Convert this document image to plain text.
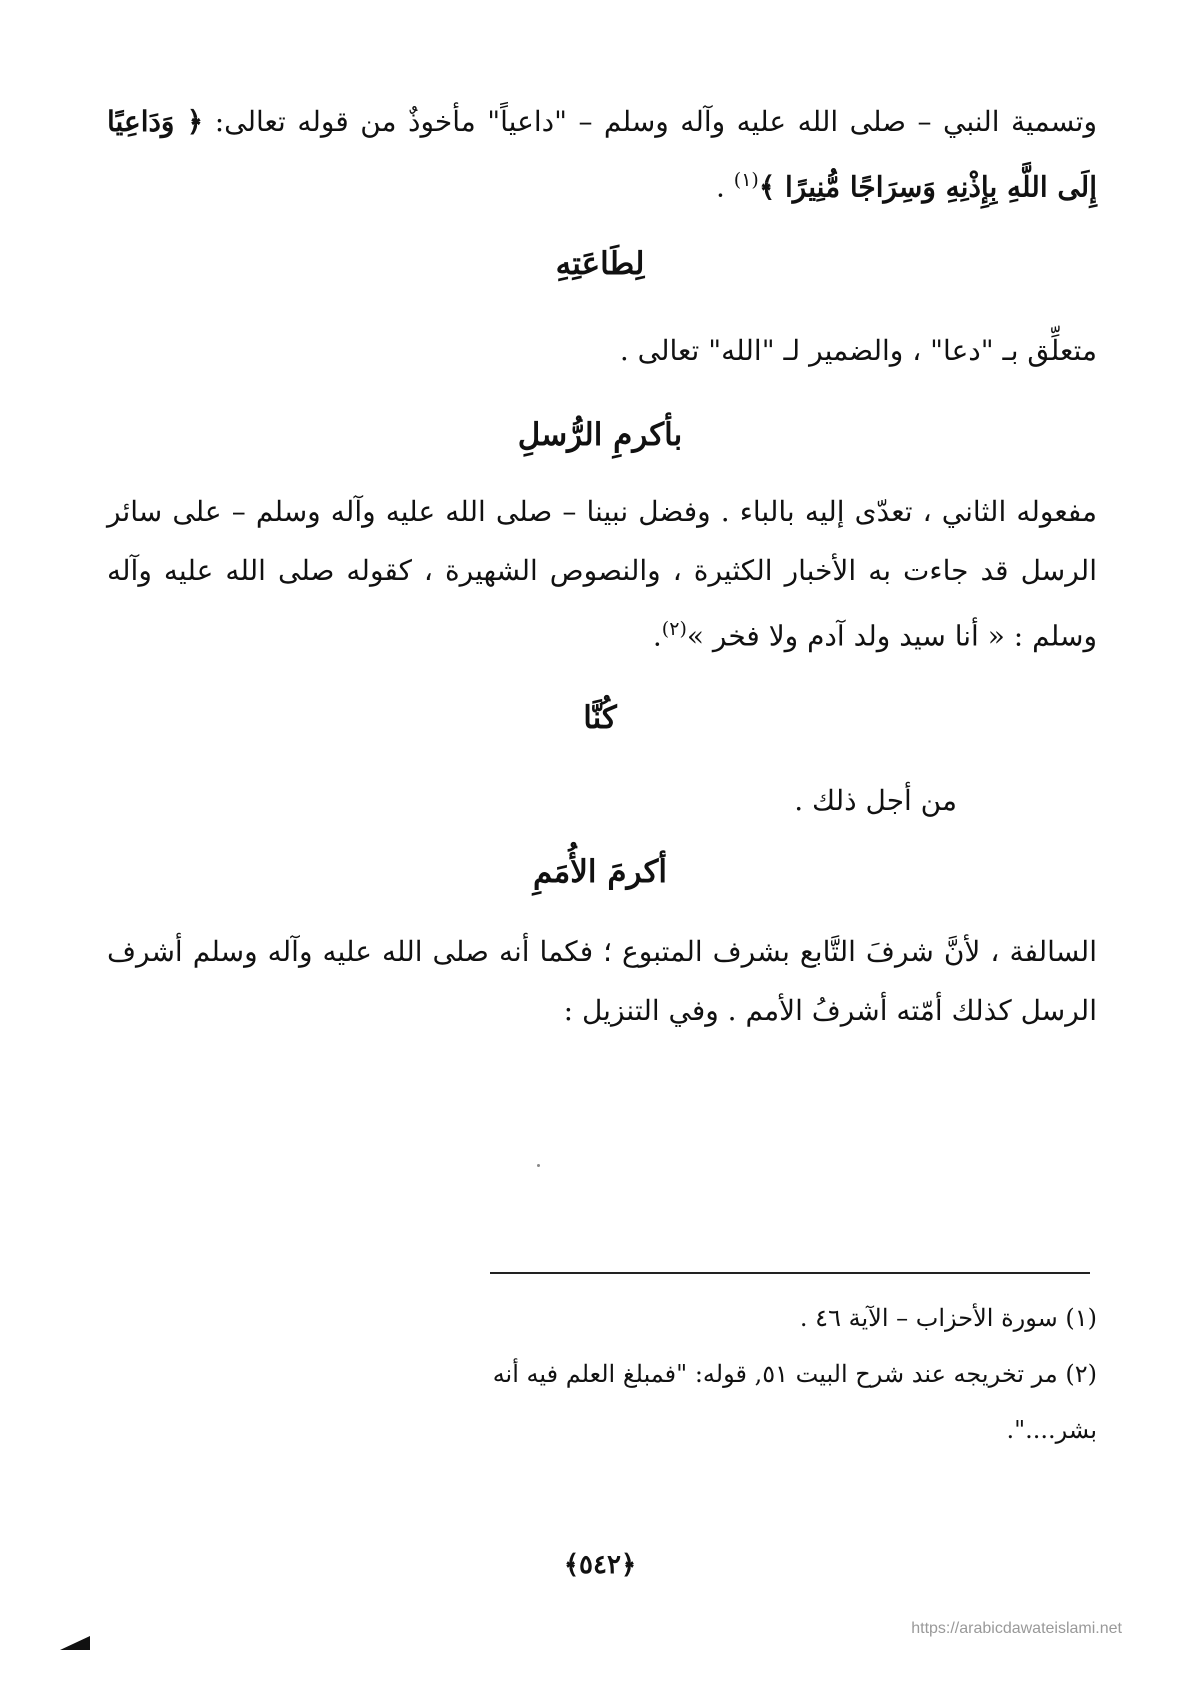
وتسمية النبي – صلى الله عليه وآله وسلم – "داعياً" مأخوذٌ من قوله تعالى: ﴿ وَدَاعِيًا إِلَى اللَّهِ بِإِذْنِهِ وَسِرَاجًا مُّنِيرًا ﴾$^{(١)}$ .
لِطَاعَتِهِ
متعلِّق بـ "دعا" ، والضمير لـ "الله" تعالى .
بأكرمِ الرُّسلِ
مفعوله الثاني ، تعدّى إليه بالباء . وفضل نبينا – صلى الله عليه وآله وسلم – على سائر الرسل قد جاءت به الأخبار الكثيرة ، والنصوص الشهيرة ، كقوله صلى الله عليه وآله وسلم : « أنا سيد ولد آدم ولا فخر »$^{(٢)}$.
كُنَّا
من أجل ذلك .
أكرمَ الأُمَمِ
السالفة ، لأنَّ شرفَ التَّابع بشرف المتبوع ؛ فكما أنه صلى الله عليه وآله وسلم أشرف الرسل كذلك أمّته أشرفُ الأمم . وفي التنزيل :
(١) سورة الأحزاب – الآية ٤٦ .
(٢) مر تخريجه عند شرح البيت ٥١, قوله: "فمبلغ العلم فيه أنه بشر....".
﴿٥٤٢﴾
https://arabicdawateislami.net
